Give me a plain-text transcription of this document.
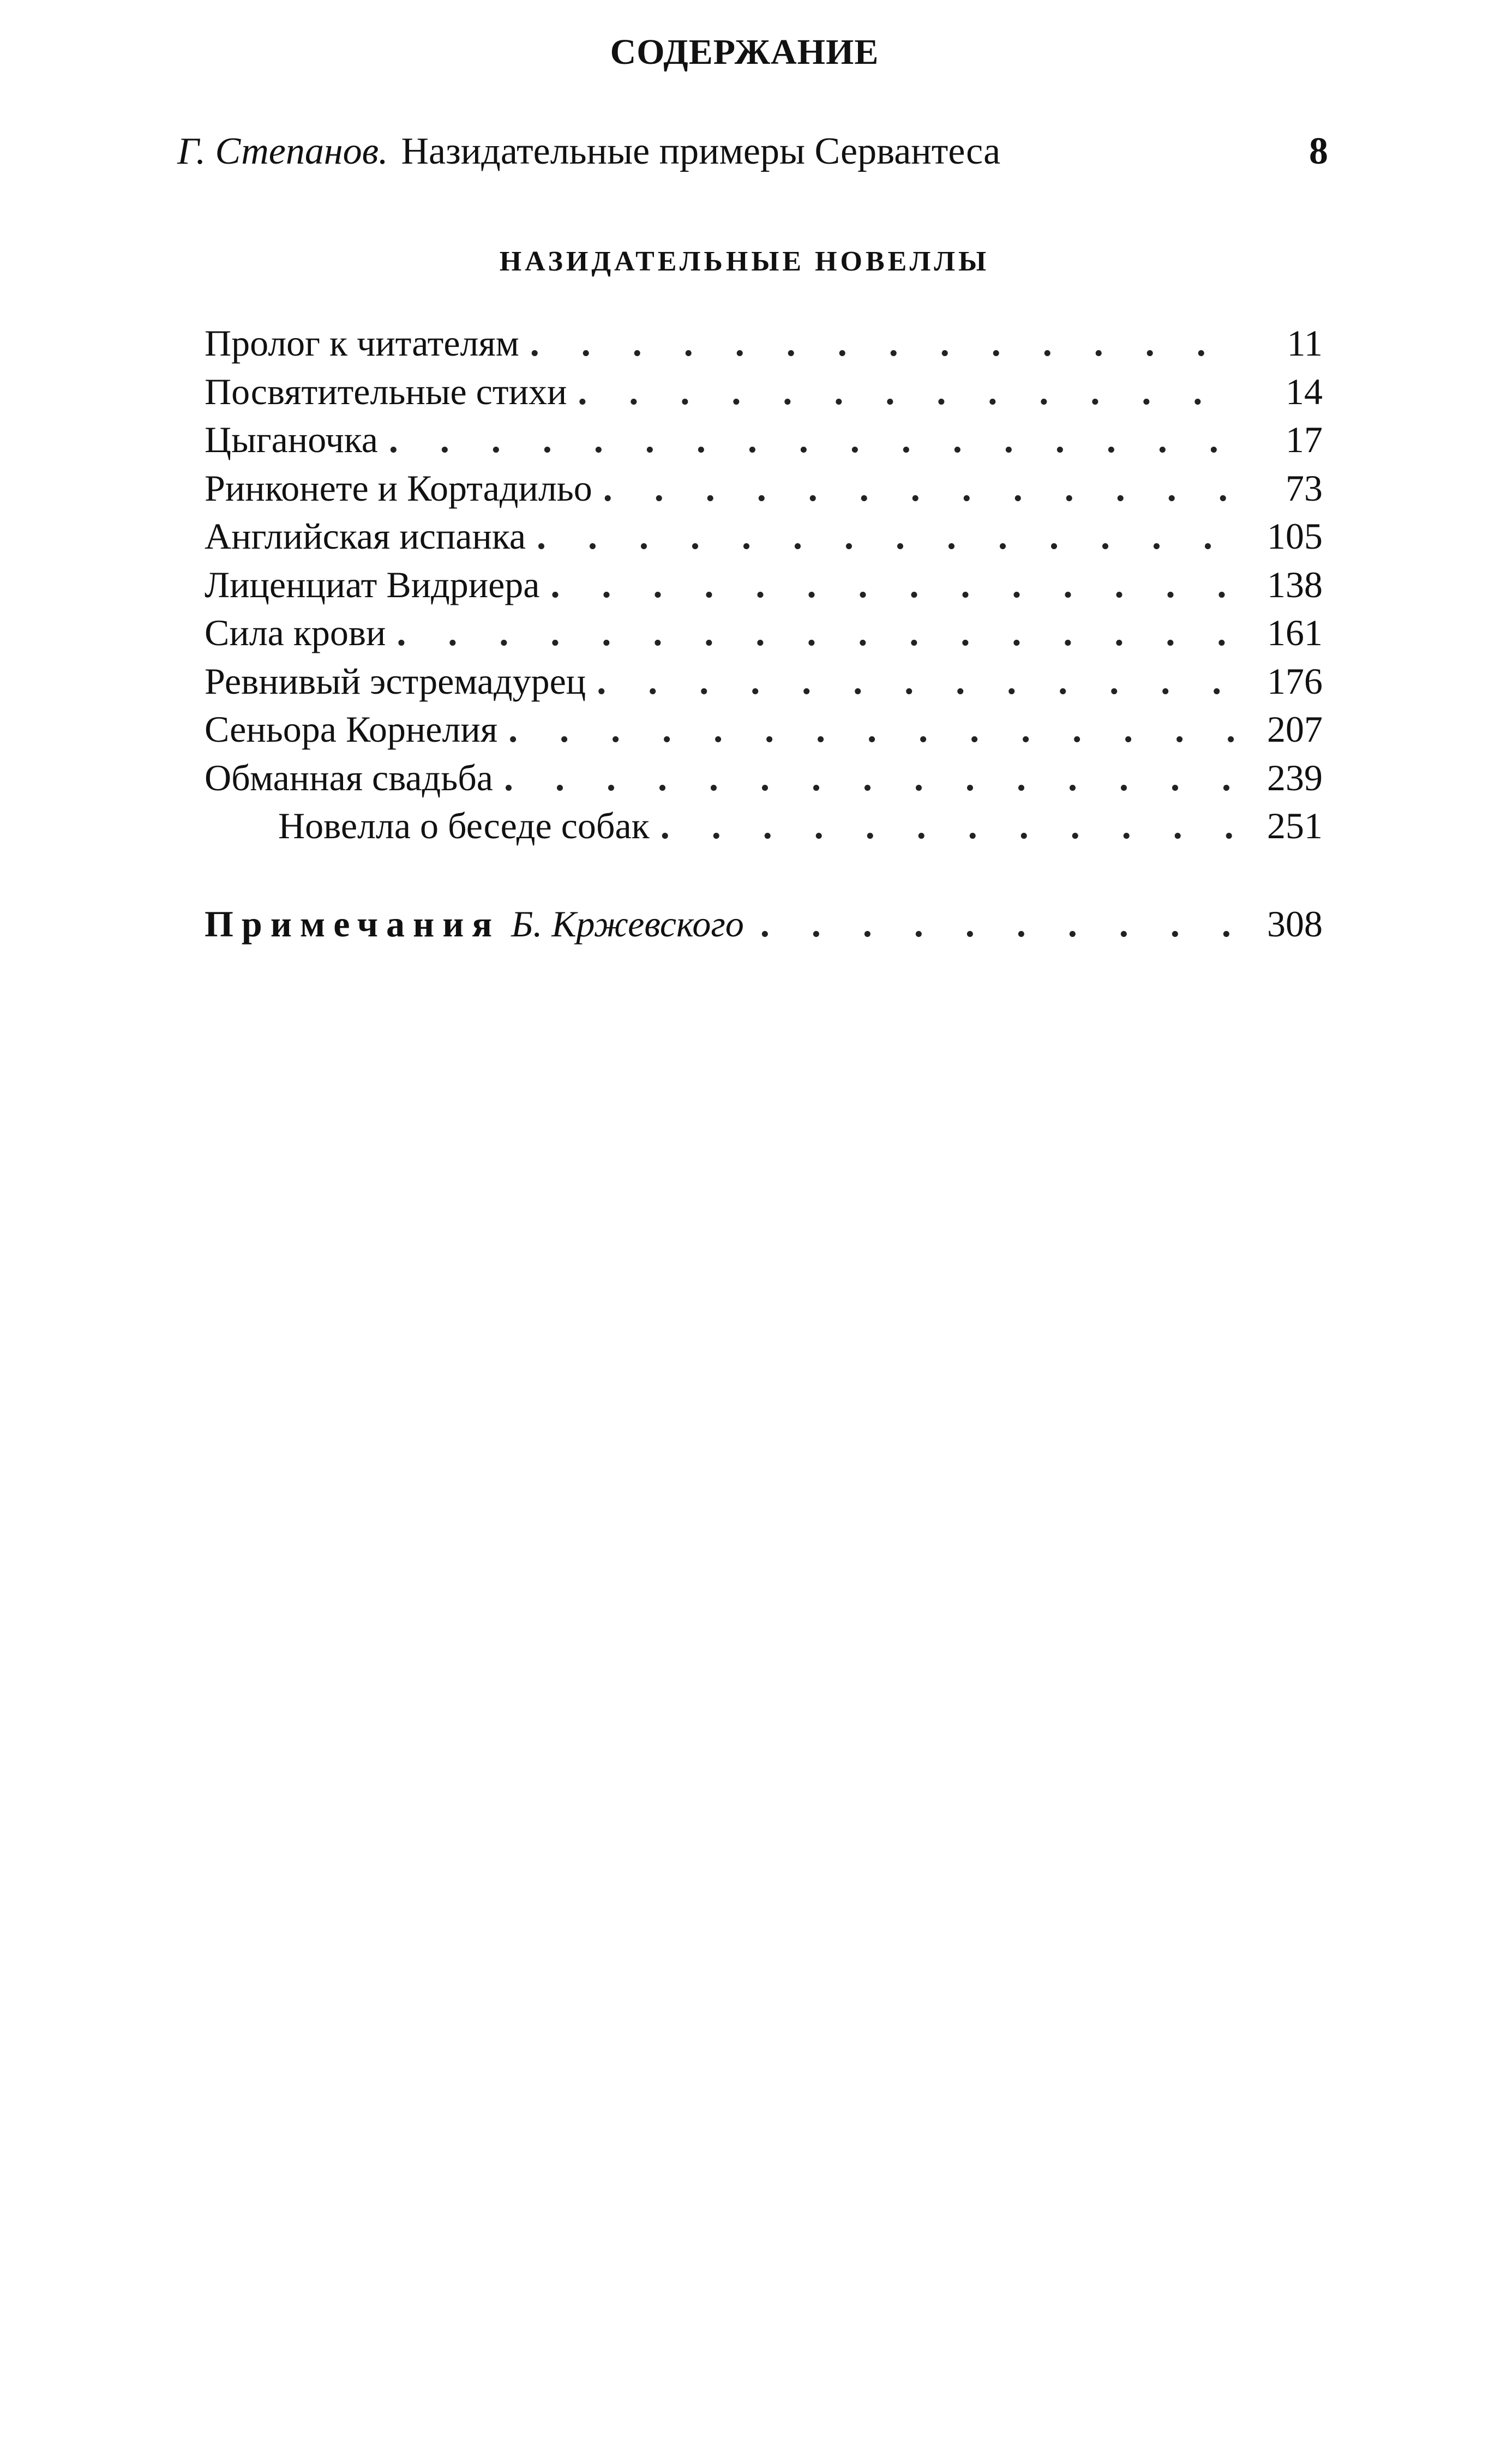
СОДЕРЖАНИЕ
Г. Степанов. Назидательные примеры Сервантеса	8
НАЗИДАТЕЛЬНЫЕ НОВЕЛЛЫ
Пролог к читателям . . .	11
Посвятительные стихи . . .	14
Цыганочка . . .	17
Ринконете и Кортадильо . . .	73
Английская испанка . . .	105
Лиценциат Видриера . . .	138
Сила крови . . .	161
Ревнивый эстремадурец . . .	176
Сеньора Корнелия . . .	207
Обманная свадьба . . .	239
Новелла о беседе собак . . .	251
Примечания Б. Кржевского . . .	308
